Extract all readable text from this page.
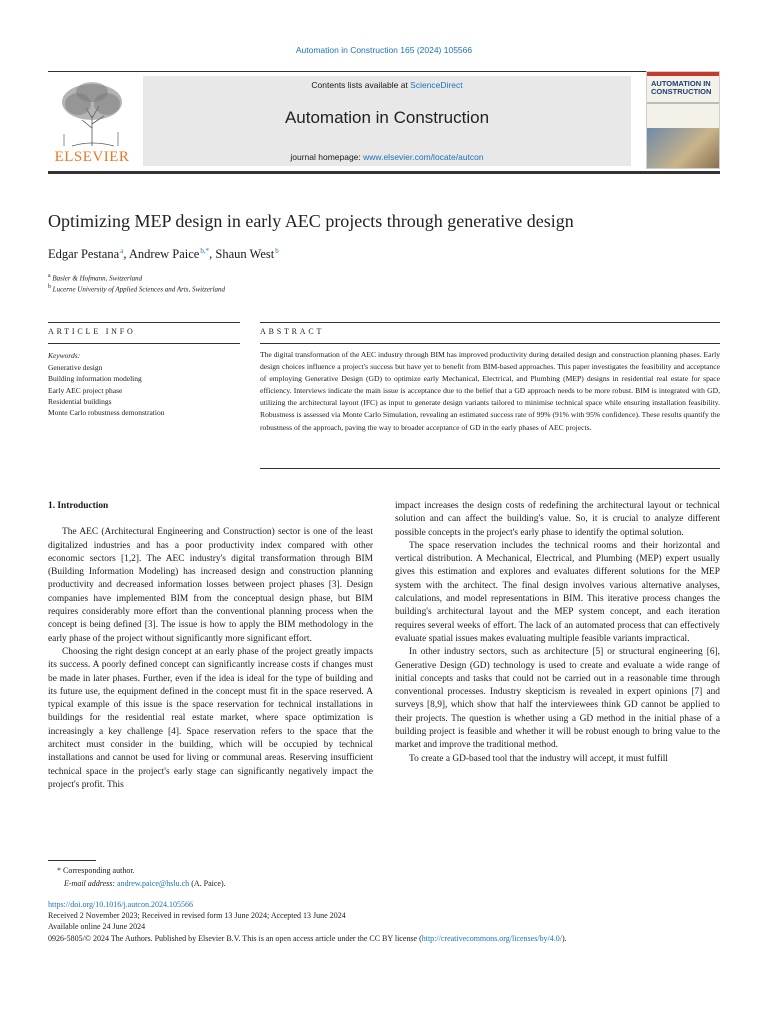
Automation in Construction 165 (2024) 105566
ELSEVIER
Contents lists available at ScienceDirect
Automation in Construction
journal homepage: www.elsevier.com/locate/autcon
AUTOMATION IN
CONSTRUCTION
Optimizing MEP design in early AEC projects through generative design
Edgar Pestana $^a$, Andrew Paice $^{b,*}$, Shaun West $^b$
$^a$ Basler & Hofmann, Switzerland
$^b$ Lucerne University of Applied Sciences and Arts, Switzerland
ARTICLE INFO
Keywords:
Generative design
Building information modeling
Early AEC project phase
Residential buildings
Monte Carlo robustness demonstration
ABSTRACT
The digital transformation of the AEC industry through BIM has improved productivity during detailed design and construction planning phases. Early design choices influence a project's success but have yet to benefit from BIM-based approaches. This paper investigates the feasibility and acceptance of employing Generative Design (GD) to optimize early Mechanical, Electrical, and Plumbing (MEP) designs in residential real estate for space efficiency. Interviews indicate the main issue is acceptance due to the belief that a GD approach needs to be more robust. BIM is integrated with GD, utilizing the architectural layout (IFC) as input to generate design variants tailored to minimise technical space while ensuring installation feasibility. Robustness is assessed via Monte Carlo Simulation, revealing an estimated success rate of 99% (91% with 95% confidence). These results quantify the robustness of the approach, paving the way to broader acceptance of GD in the early phases of AEC projects.

1. Introduction

The AEC (Architectural Engineering and Construction) sector is one of the least digitalized industries and has a poor productivity index compared with other economic sectors [1,2]. The AEC industry's digital transformation through BIM (Building Information Modeling) has increased design and construction planning productivity and decreased information losses between project phases [3]. Design companies have implemented BIM from the conceptual design phase, but BIM requires considerably more effort than the conventional planning process when the concept is being defined [3]. The issue is how to apply the BIM methodology in the early phase of the project without significantly more significant effort.

Choosing the right design concept at an early phase of the project greatly impacts its success. A poorly defined concept can significantly increase costs if changes must be made in later phases. Further, even if the idea is ideal for the type of building and its future use, the equipment defined in the concept must fit in the space reserved. A typical example of this issue is the space reservation for technical installations in buildings for the residential real estate market, where space optimization is increasingly a key challenge [4]. Space reservation refers to the space that the architect must consider in the building, which will be occupied by technical installations and cannot be used for living or communal areas. Reserving insufficient technical space in the project's early stage can significantly negatively impact the project's profit. This

impact increases the design costs of redefining the architectural layout or technical solution and can affect the building's value. So, it is crucial to analyze different possible concepts in the project's early phase to identify the optimal solution.

The space reservation includes the technical rooms and their horizontal and vertical distribution. A Mechanical, Electrical, and Plumbing (MEP) expert usually gives this estimation and explores and evaluates different solutions for the MEP system with the architect. The final design involves various alternative analyses, calculations, and model representations in BIM. This iterative process changes the building's architectural layout and the MEP system concept, and each iteration requires several weeks of effort. The lack of an automated process that can effectively evaluate spatial issues makes evaluating multiple feasible variants impractical.

In other industry sectors, such as architecture [5] or structural engineering [6], Generative Design (GD) technology is used to create and evaluate a wide range of initial concepts and tasks that could not be carried out in a reasonable time through conventional processes. Industry skepticism is revealed in expert opinions [7] and surveys [8,9], which show that half the interviewees think GD cannot be applied to their projects. The question is whether using a GD method in the initial phase of a building project is feasible and whether it will be robust enough to bring value to the market and improve the traditional method.

To create a GD-based tool that the industry will accept, it must fulfill

* Corresponding author.
E-mail address: andrew.paice@hslu.ch (A. Paice).
https://doi.org/10.1016/j.autcon.2024.105566
Received 2 November 2023; Received in revised form 13 June 2024; Accepted 13 June 2024
Available online 24 June 2024
0926-5805/© 2024 The Authors. Published by Elsevier B.V. This is an open access article under the CC BY license (http://creativecommons.org/licenses/by/4.0/).
